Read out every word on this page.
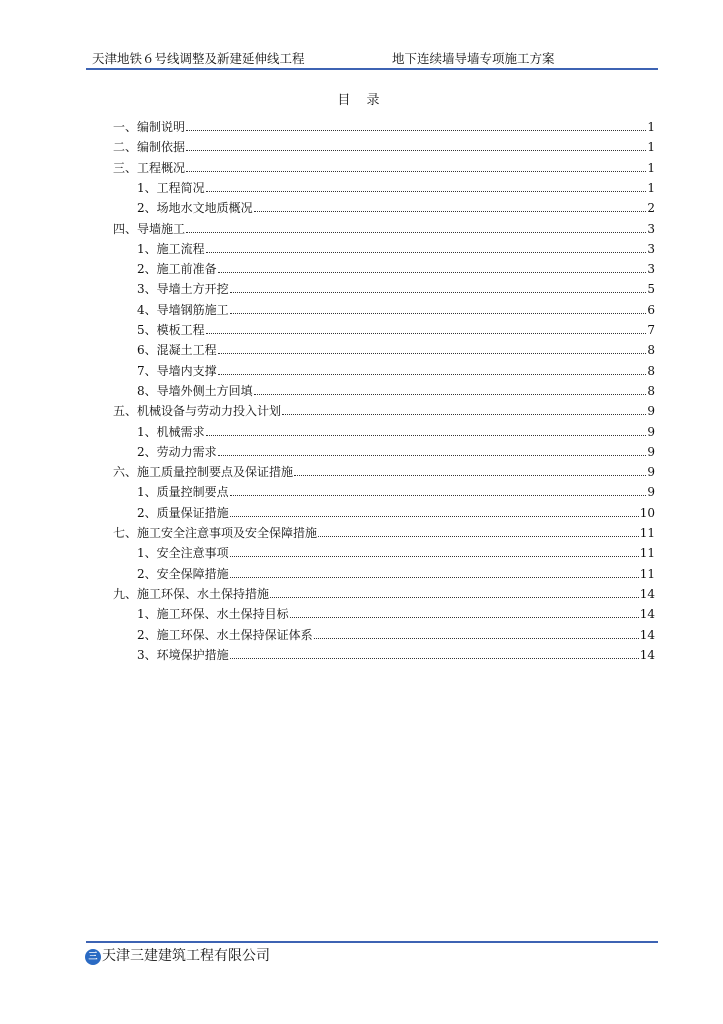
天津地铁６号线调整及新建延伸线工程	地下连续墙导墙专项施工方案
目 录
一、编制说明	1
二、编制依据	1
三、工程概况	1
1、工程简况	1
2、场地水文地质概况	2
四、导墙施工	3
1、施工流程	3
2、施工前准备	3
3、导墙土方开挖	5
4、导墙钢筋施工	6
5、模板工程	7
6、混凝土工程	8
7、导墙内支撑	8
8、导墙外侧土方回填	8
五、机械设备与劳动力投入计划	9
1、机械需求	9
2、劳动力需求	9
六、施工质量控制要点及保证措施	9
1、质量控制要点	9
2、质量保证措施	10
七、施工安全注意事项及安全保障措施	11
1、安全注意事项	11
2、安全保障措施	11
九、施工环保、水土保持措施	14
1、施工环保、水土保持目标	14
2、施工环保、水土保持保证体系	14
3、环境保护措施	14
三 天津三建建筑工程有限公司
